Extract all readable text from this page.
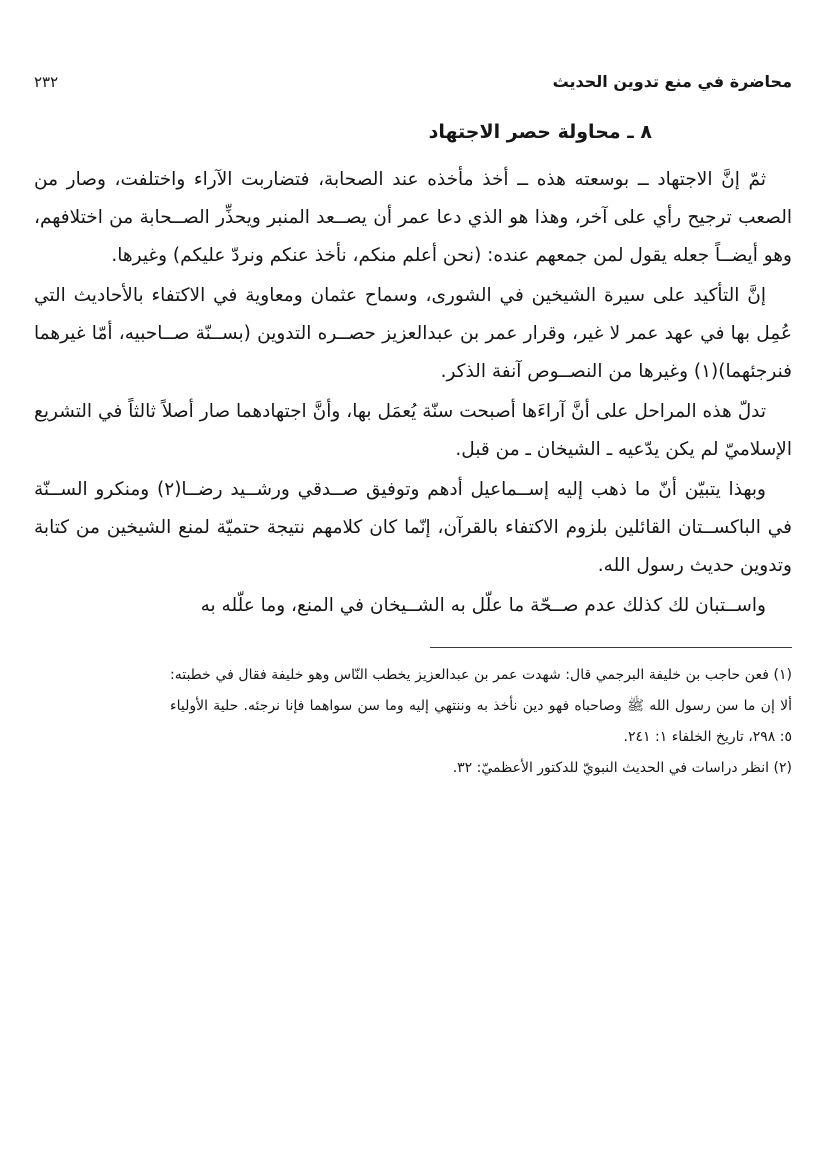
محاضرة في منع تدوين الحديث
٢٣٢
٨ ـ محاولة حصر الاجتهاد

ثمّ إنَّ الاجتهاد ــ بوسعته هذه ــ أخذ مأخذه عند الصحابة، فتضاربت الآراء واختلفت، وصار من الصعب ترجيح رأي على آخر، وهذا هو الذي دعا عمر أن يصــعد المنبر ويحذِّر الصــحابة من اختلافهم، وهو أيضــاً جعله يقول لمن جمعهم عنده: (نحن أعلم منكم، نأخذ عنكم ونردّ عليكم) وغيرها.

إنَّ التأكيد على سيرة الشيخين في الشورى، وسماح عثمان ومعاوية في الاكتفاء بالأحاديث التي عُمِل بها في عهد عمر لا غير، وقرار عمر بن عبدالعزيز حصــره التدوين (بســنّة صــاحبيه، أمّا غيرهما فنرجئهما)(١) وغيرها من النصــوص آنفة الذكر.

تدلّ هذه المراحل على أنَّ آراءَها أصبحت سنّة يُعمَل بها، وأنَّ اجتهادهما صار أصلاً ثالثاً في التشريع الإسلاميّ لم يكن يدّعيه ـ الشيخان ـ من قبل.

وبهذا يتبيّن أنّ ما ذهب إليه إســماعيل أدهم وتوفيق صــدقي ورشــيد رضــا(٢) ومنكرو الســنّة في الباكســتان القائلين بلزوم الاكتفاء بالقرآن، إنّما كان كلامهم نتيجة حتميّة لمنع الشيخين من كتابة وتدوين حديث رسول الله.

واســتبان لك كذلك عدم صــحّة ما علّل به الشــيخان في المنع، وما علّله به

(١) فعن حاجب بن خليفة البرجمي قال: شهدت عمر بن عبدالعزيز يخطب النّاس وهو خليفة فقال في خطبته: ألا إن ما سن رسول الله ﷺ وصاحباه فهو دين نأخذ به وننتهي إليه وما سن سواهما فإنا نرجئه. حلية الأولياء ٥: ٢٩٨، تاريخ الخلفاء ١: ٢٤١.

(٢) انظر دراسات في الحديث النبويّ للدكتور الأعظميّ: ٣٢.
